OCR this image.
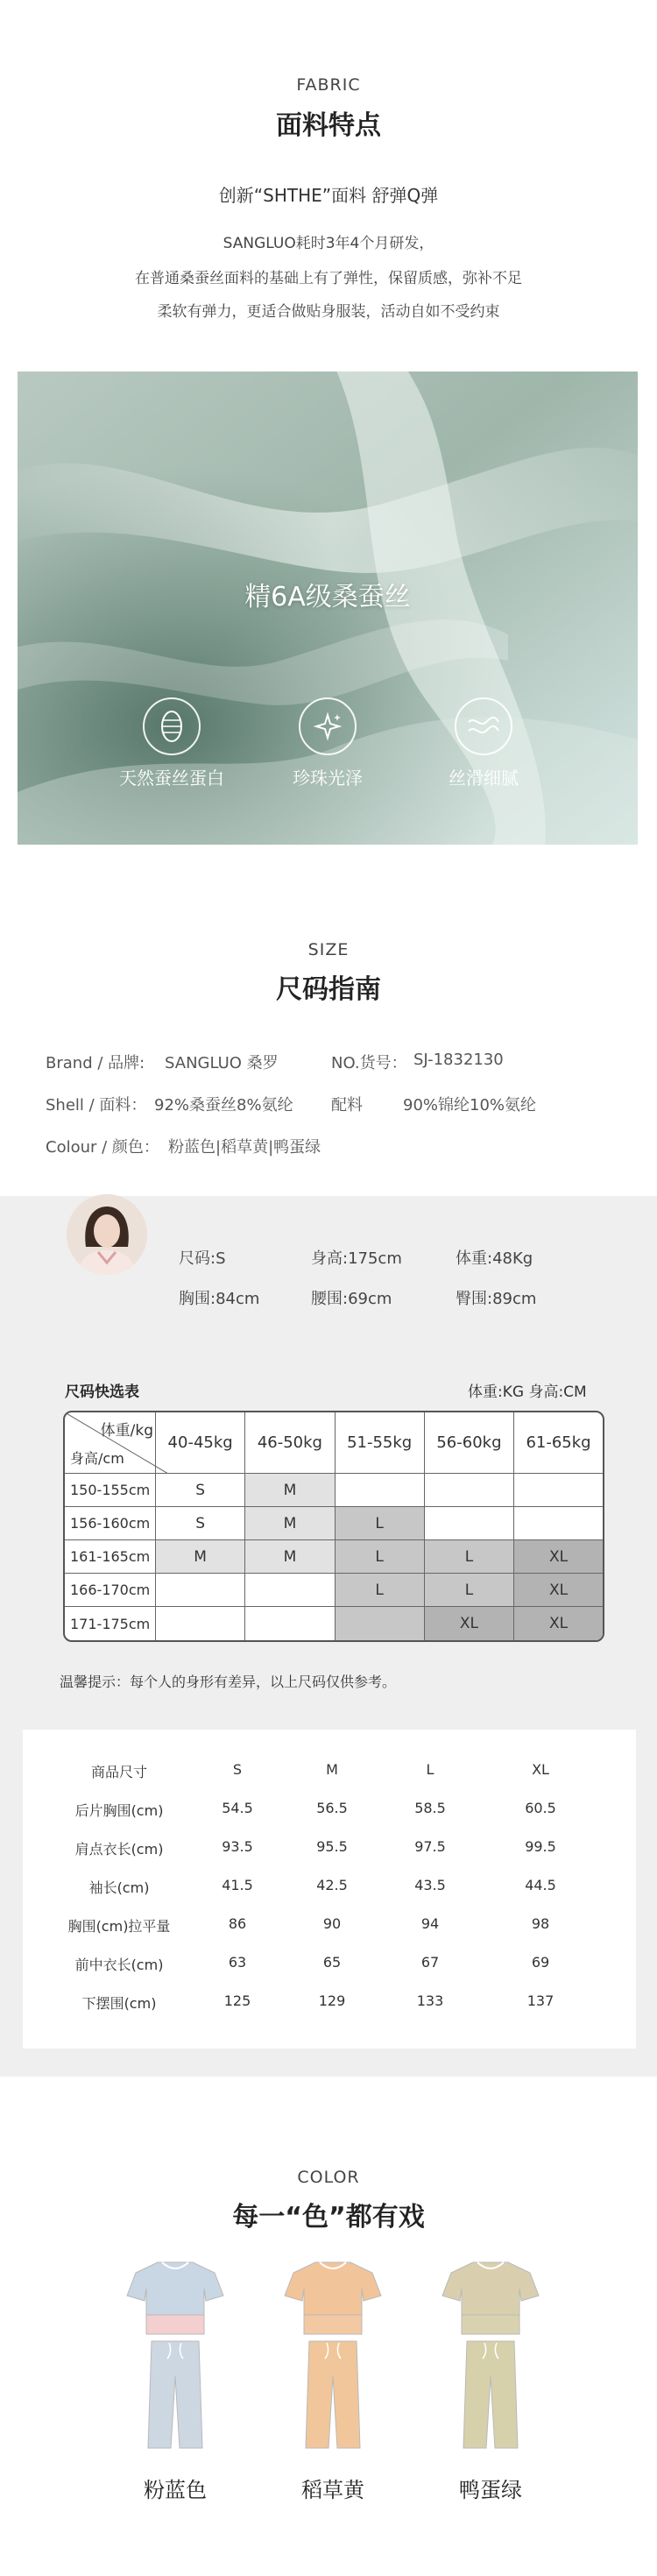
FABRIC
面料特点
创新“SHTHE”面料 舒弹Q弹
SANGLUO耗时3年4个月研发，
在普通桑蚕丝面料的基础上有了弹性，保留质感，弥补不足
柔软有弹力，更适合做贴身服装，活动自如不受约束
精6A级桑蚕丝
天然蚕丝蛋白	珍珠光泽	丝滑细腻
SIZE
尺码指南
Brand / 品牌: SANGLUO 桑罗	NO.货号： SJ-1832130
Shell / 面料： 92%桑蚕丝8%氨纶 配料	90%锦纶10%氨纶
Colour / 颜色： 粉蓝色|稻草黄|鸭蛋绿
尺码:S	身高:175cm	体重:48Kg
胸围:84cm	腰围:69cm	臀围:89cm
尺码快选表	体重:KG 身高:CM
体重/kg
身高/cm	40-45kg	46-50kg	51-55kg	56-60kg	61-65kg
150-155cm	S	M			
156-160cm	S	M	L		
161-165cm	M	M	L	L	XL
166-170cm			L	L	XL
171-175cm				XL	XL
温馨提示：每个人的身形有差异，以上尺码仅供参考。
商品尺寸	S	M	L	XL
后片胸围(cm)	54.5	56.5	58.5	60.5
肩点衣长(cm)	93.5	95.5	97.5	99.5
袖长(cm)	41.5	42.5	43.5	44.5
胸围(cm)拉平量	86	90	94	98
前中衣长(cm)	63	65	67	69
下摆围(cm)	125	129	133	137
COLOR
每一“色”都有戏
粉蓝色	稻草黄	鸭蛋绿
